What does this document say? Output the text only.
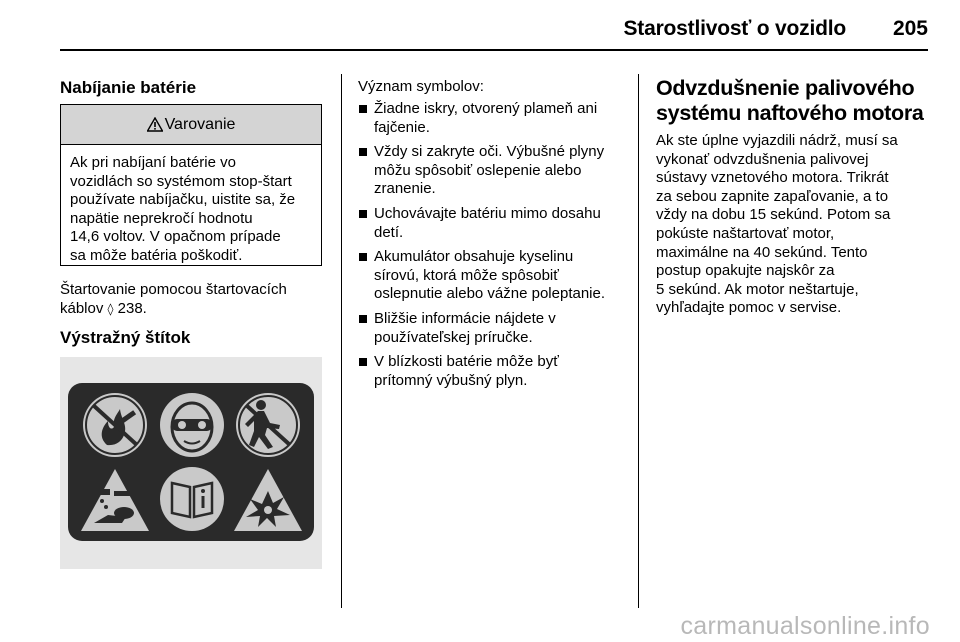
Starostlivosť o vozidlo	205
Nabíjanie batérie
Varovanie
Ak pri nabíjaní batérie vo
vozidlách so systémom stop-štart
používate nabíjačku, uistite sa, že
napätie neprekročí hodnotu
14,6 voltov. V opačnom prípade
sa môže batéria poškodiť.

Štartovanie pomocou štartovacích
káblov ◊ 238.

Výstražný štítok

Význam symbolov:

Žiadne iskry, otvorený plameň ani
fajčenie.
Vždy si zakryte oči. Výbušné plyny
môžu spôsobiť oslepenie alebo
zranenie.
Uchovávajte batériu mimo dosahu
detí.
Akumulátor obsahuje kyselinu
sírovú, ktorá môže spôsobiť
oslepnutie alebo vážne poleptanie.
Bližšie informácie nájdete v
používateľskej príručke.
V blízkosti batérie môže byť
prítomný výbušný plyn.
Odvzdušnenie palivového
systému naftového motora
Ak ste úplne vyjazdili nádrž, musí sa
vykonať odvzdušnenia palivovej
sústavy vznetového motora. Trikrát
za sebou zapnite zapaľovanie, a to
vždy na dobu 15 sekúnd. Potom sa
pokúste naštartovať motor,
maximálne na 40 sekúnd. Tento
postup opakujte najskôr za
5 sekúnd. Ak motor neštartuje,
vyhľadajte pomoc v servise.
carmanualsonline.info
